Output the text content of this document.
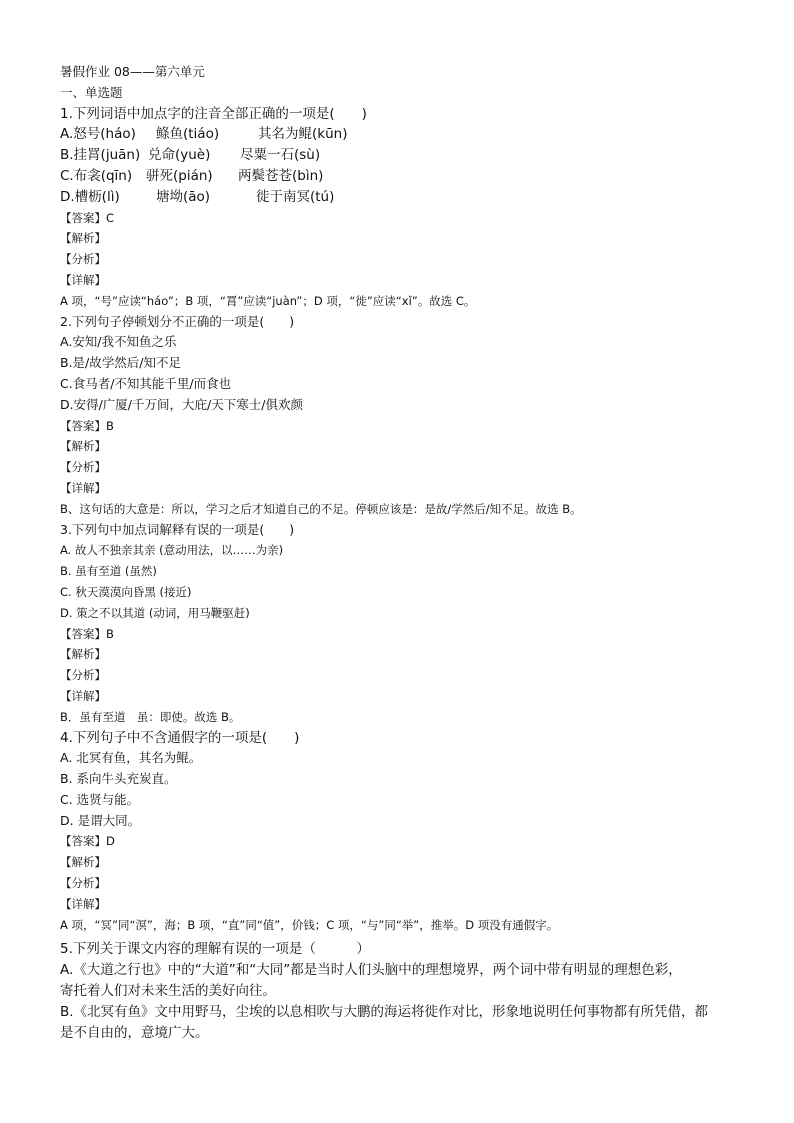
暑假作业 08——第六单元
一、单选题
1.下列词语中加点字的注音全部正确的一项是(　　)
A.怒号(háo) 鲦鱼(tiáo)	其名为鲲(kūn)
B.挂罥(juān) 兑命(yuè) 尽粟一石(sù)
C.布衾(qīn) 骈死(pián) 两鬓苍苍(bìn)
D.槽枥(lì)	塘坳(āo)	徙于南冥(tú)
【答案】C
【解析】
【分析】
【详解】
A 项，“号”应读“háo”；B 项，“罥”应读“juàn”；D 项，“徙”应读“xǐ”。故选 C。
2.下列句子停顿划分不正确的一项是(　　)
A.安知/我不知鱼之乐
B.是/故学然后/知不足
C.食马者/不知其能千里/而食也
D.安得/广厦/千万间，大庇/天下寒士/俱欢颜
【答案】B
【解析】
【分析】
【详解】
B、这句话的大意是：所以，学习之后才知道自己的不足。停顿应该是：是故/学然后/知不足。故选 B。
3.下列句中加点词解释有误的一项是(　　)
A. 故人不独亲其亲 (意动用法，以……为亲)
B. 虽有至道 (虽然)
C. 秋天漠漠向昏黑 (接近)
D. 策之不以其道 (动词，用马鞭驱赶)
【答案】B
【解析】
【分析】
【详解】
B．虽有至道　虽：即使。故选 B。
4.下列句子中不含通假字的一项是(　　)
A. 北冥有鱼，其名为鲲。
B. 系向牛头充炭直。
C. 选贤与能。
D. 是谓大同。
【答案】D
【解析】
【分析】
【详解】
A 项，“冥”同“溟”，海；B 项，“直”同“值”，价钱；C 项，“与”同“举”，推举。D 项没有通假字。
5.下列关于课文内容的理解有误的一项是（　　　）
A.《大道之行也》中的“大道”和“大同”都是当时人们头脑中的理想境界，两个词中带有明显的理想色彩，
寄托着人们对未来生活的美好向往。
B.《北冥有鱼》文中用野马，尘埃的以息相吹与大鹏的海运将徙作对比，形象地说明任何事物都有所凭借，都
是不自由的，意境广大。
